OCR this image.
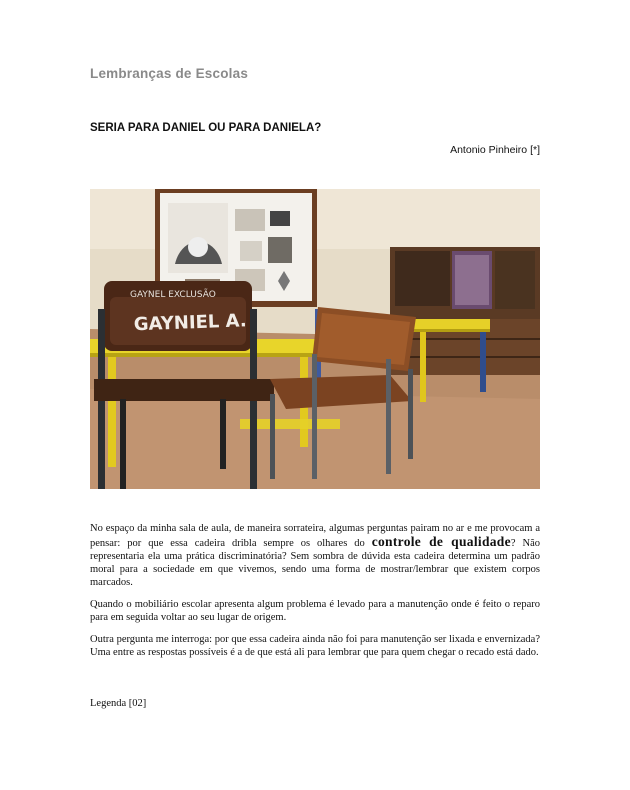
Lembranças de Escolas
SERIA PARA DANIEL OU PARA DANIELA?
Antonio Pinheiro [*]
GAYNEL EXCLUSÃO
GAYNIEL A.

No espaço da minha sala de aula, de maneira sorrateira, algumas perguntas pairam no ar e me provocam a pensar: por que essa cadeira dribla sempre os olhares do controle de qualidade? Não representaria ela uma prática discriminatória? Sem sombra de dúvida esta cadeira determina um padrão moral para a sociedade em que vivemos, sendo uma forma de mostrar/lembrar que existem corpos marcados.

Quando o mobiliário escolar apresenta algum problema é levado para a manutenção onde é feito o reparo para em seguida voltar ao seu lugar de origem.

Outra pergunta me interroga: por que essa cadeira ainda não foi para manutenção ser lixada e envernizada? Uma entre as respostas possíveis é a de que está ali para lembrar que para quem chegar o recado está dado.

Legenda [02]
